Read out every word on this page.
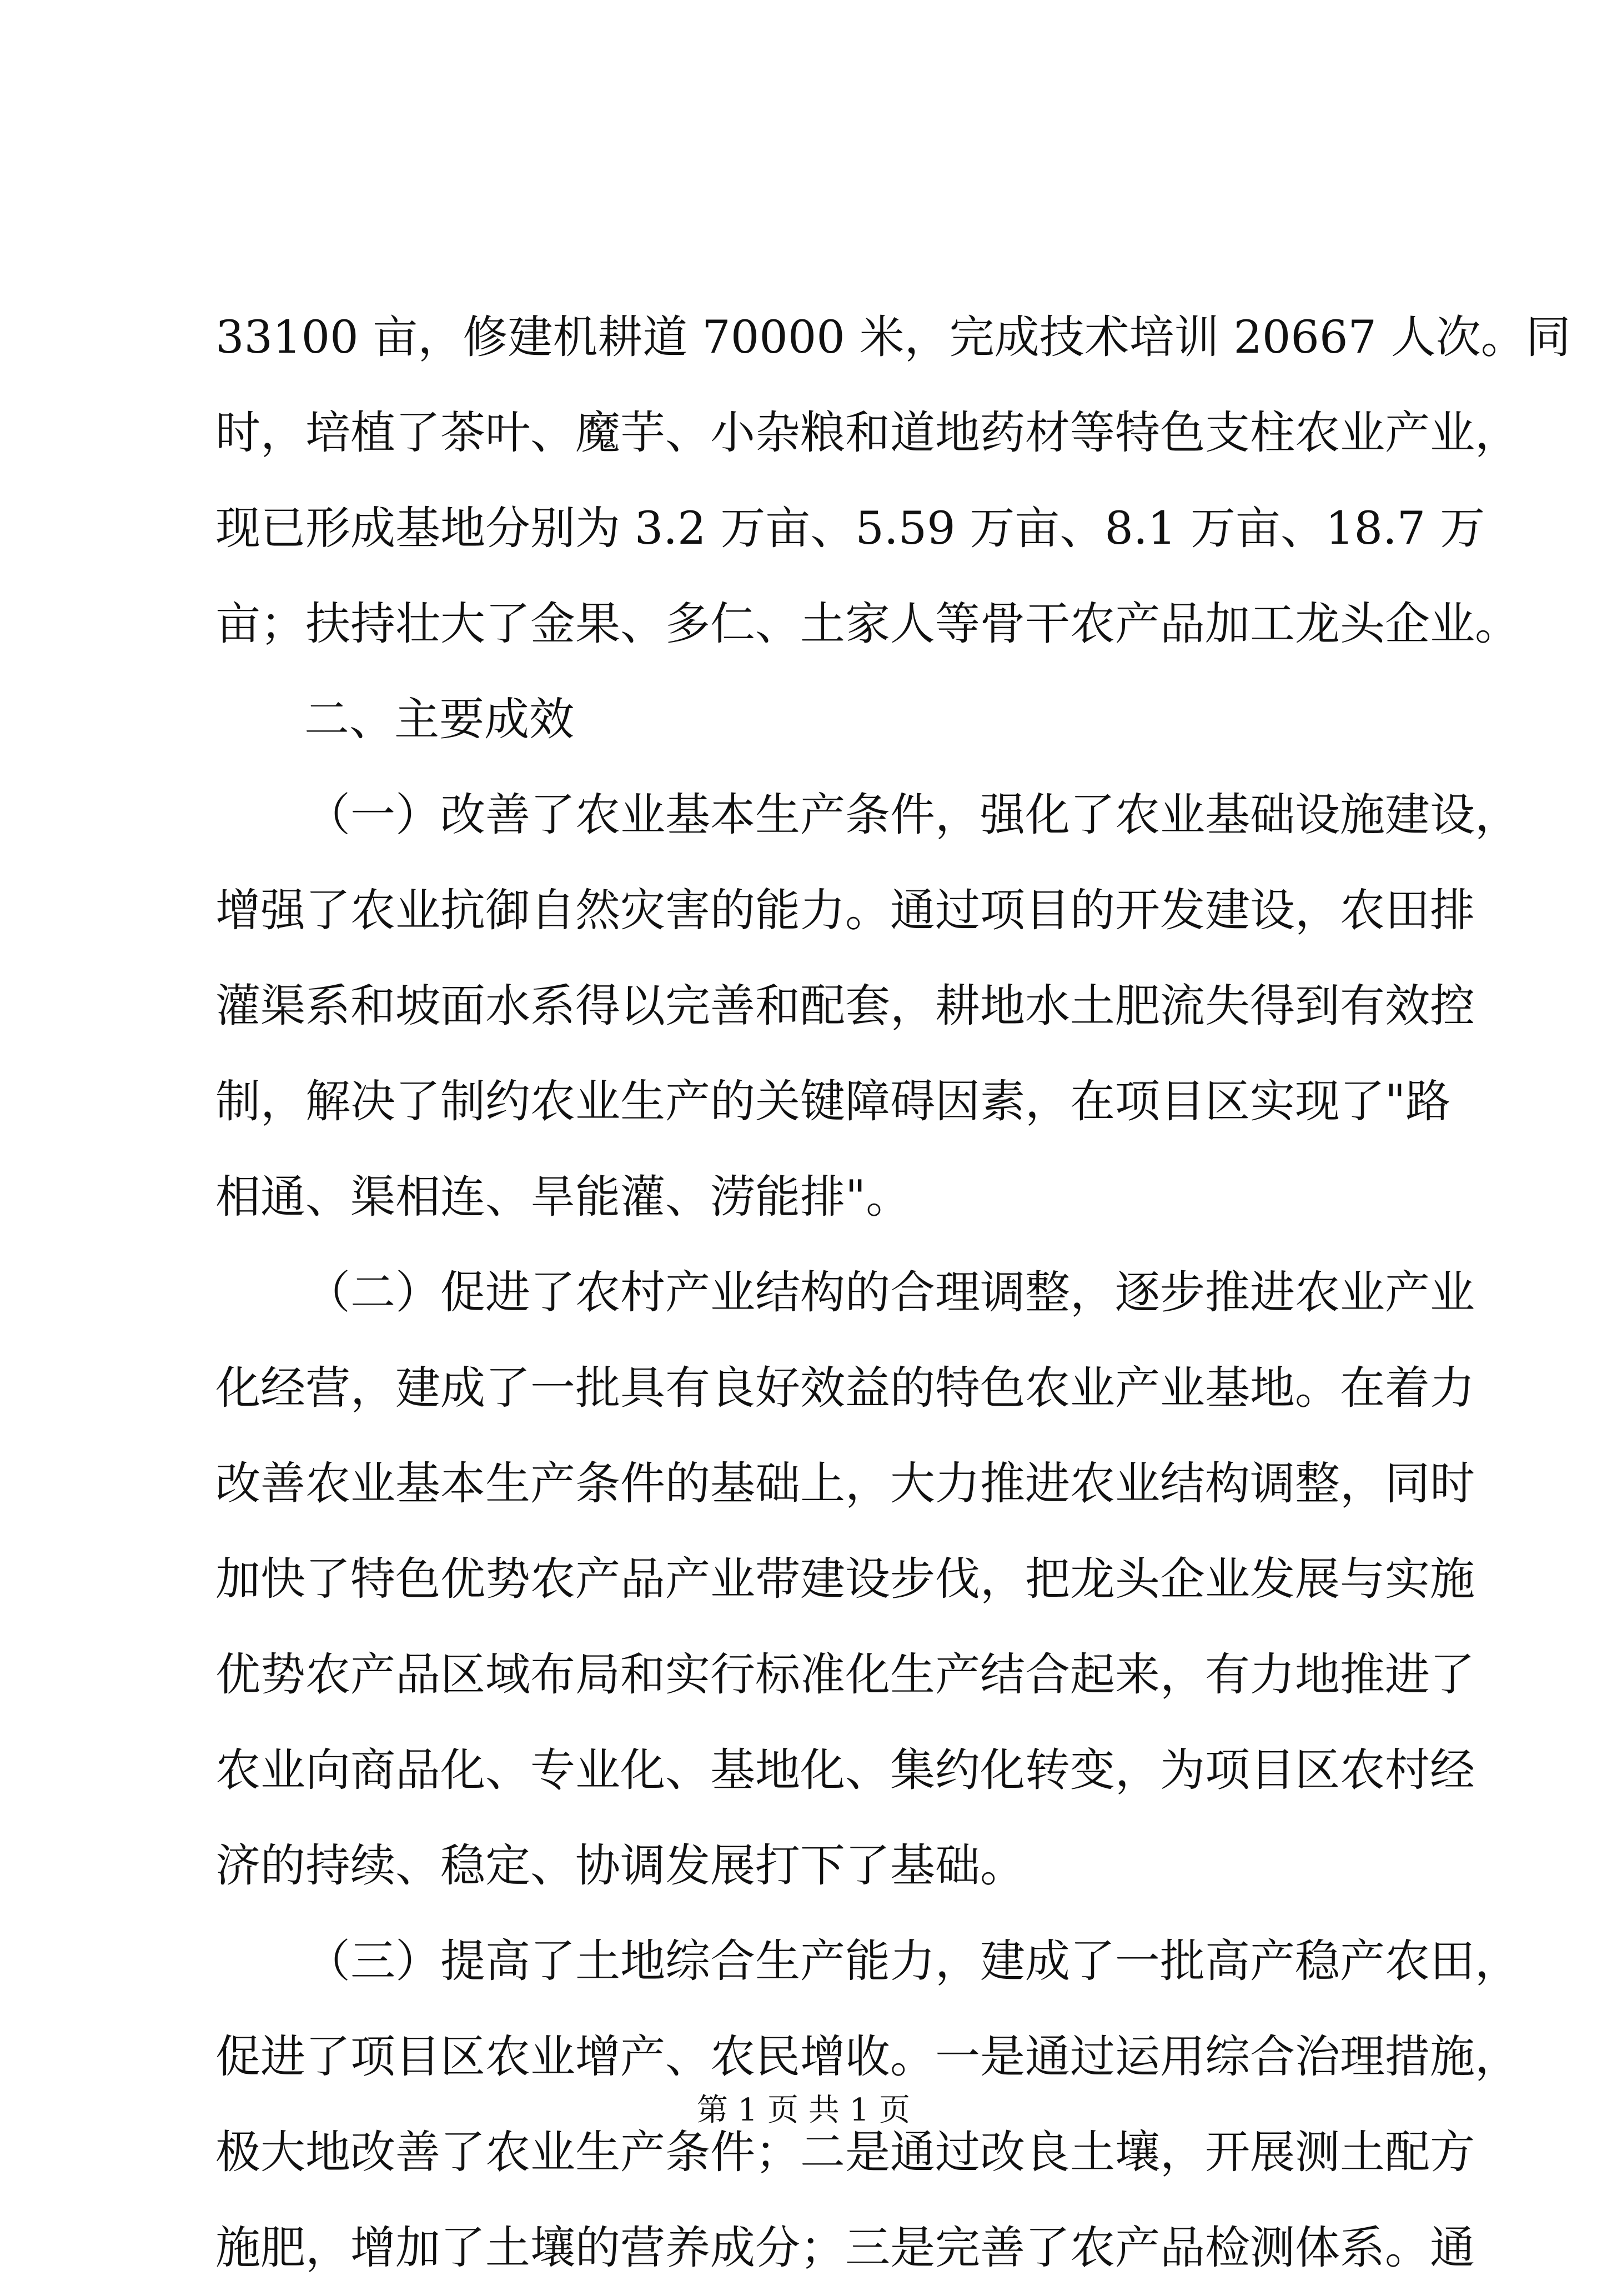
33100 亩，修建机耕道 70000 米，完成技术培训 20667 人次。同
时，培植了茶叶、魔芋、小杂粮和道地药材等特色支柱农业产业，
现已形成基地分别为 3.2 万亩、5.59 万亩、8.1 万亩、18.7 万
亩；扶持壮大了金果、多仁、土家人等骨干农产品加工龙头企业。
二、主要成效
（一）改善了农业基本生产条件，强化了农业基础设施建设，
增强了农业抗御自然灾害的能力。通过项目的开发建设，农田排
灌渠系和坡面水系得以完善和配套，耕地水土肥流失得到有效控
制，解决了制约农业生产的关键障碍因素，在项目区实现了"路
相通、渠相连、旱能灌、涝能排"。
（二）促进了农村产业结构的合理调整，逐步推进农业产业
化经营，建成了一批具有良好效益的特色农业产业基地。在着力
改善农业基本生产条件的基础上，大力推进农业结构调整，同时
加快了特色优势农产品产业带建设步伐，把龙头企业发展与实施
优势农产品区域布局和实行标准化生产结合起来，有力地推进了
农业向商品化、专业化、基地化、集约化转变，为项目区农村经
济的持续、稳定、协调发展打下了基础。
（三）提高了土地综合生产能力，建成了一批高产稳产农田，
促进了项目区农业增产、农民增收。一是通过运用综合治理措施，
极大地改善了农业生产条件；二是通过改良土壤，开展测土配方
施肥，增加了土壤的营养成分；三是完善了农产品检测体系。通
第 1 页 共 1 页
